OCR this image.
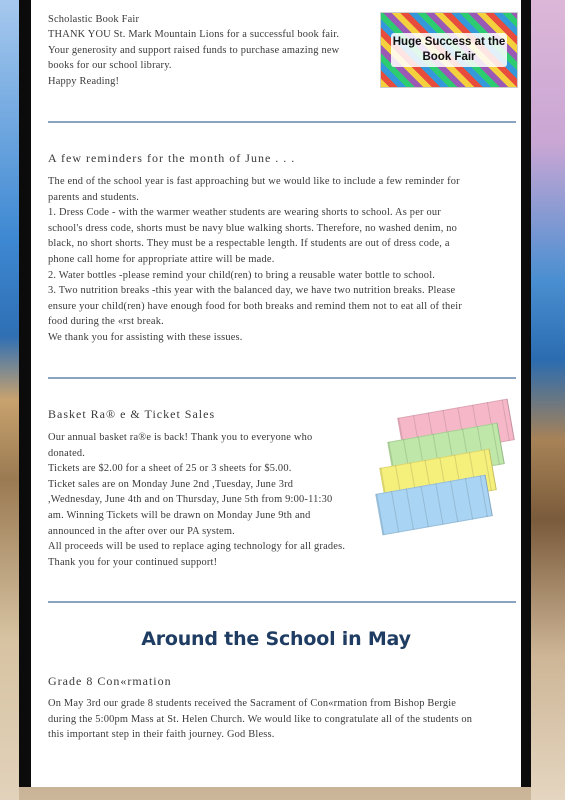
Scholastic Book Fair

THANK YOU St. Mark Mountain Lions for a successful book fair.

Your generosity and support raised funds to purchase amazing new

books for our school library.

Happy Reading!

Huge Success at the Book Fair

A few reminders for the month of June . . .

The end of the school year is fast approaching but we would like to include a few reminder for

parents and students.

1. Dress Code - with the warmer weather students are wearing shorts to school. As per our

school's dress code, shorts must be navy blue walking shorts. Therefore, no washed denim, no

black, no short shorts. They must be a respectable length. If students are out of dress code, a

phone call home for appropriate attire will be made.

2. Water bottles -please remind your child(ren) to bring a reusable water bottle to school.

3. Two nutrition breaks -this year with the balanced day, we have two nutrition breaks. Please

ensure your child(ren) have enough food for both breaks and remind them not to eat all of their

food during the «rst break.

We thank you for assisting with these issues.

Basket Ra® e & Ticket Sales

Our annual basket ra®e is back! Thank you to everyone who

donated.

Tickets are $2.00 for a sheet of 25 or 3 sheets for $5.00.

Ticket sales are on Monday June 2nd ,Tuesday, June 3rd

,Wednesday, June 4th and on Thursday, June 5th from 9:00-11:30

am. Winning Tickets will be drawn on Monday June 9th and

announced in the after over our PA system.

All proceeds will be used to replace aging technology for all grades.

Thank you for your continued support!

Around the School in May

Grade 8 Con«rmation

On May 3rd our grade 8 students received the Sacrament of Con«rmation from Bishop Bergie

during the 5:00pm Mass at St. Helen Church. We would like to congratulate all of the students on

this important step in their faith journey. God Bless.
